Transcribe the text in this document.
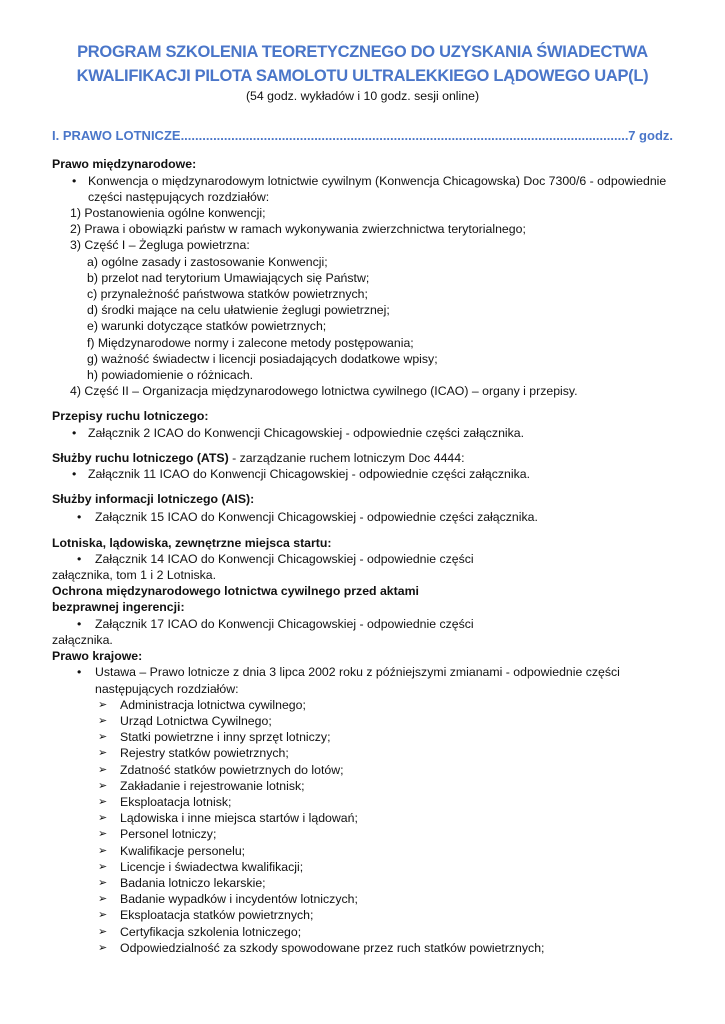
PROGRAM SZKOLENIA TEORETYCZNEGO DO UZYSKANIA ŚWIADECTWA
KWALIFIKACJI PILOTA SAMOLOTU ULTRALEKKIEGO LĄDOWEGO UAP(L)
(54 godz. wykładów i 10 godz. sesji online)
I. PRAWO LOTNICZE .....	7 godz.
Prawo międzynarodowe:
• Konwencja o międzynarodowym lotnictwie cywilnym (Konwencja Chicagowska) Doc 7300/6 - odpowiednie części następujących rozdziałów:
1) Postanowienia ogólne konwencji;
2) Prawa i obowiązki państw w ramach wykonywania zwierzchnictwa terytorialnego;
3) Część I – Żegluga powietrzna:
a) ogólne zasady i zastosowanie Konwencji;
b) przelot nad terytorium Umawiających się Państw;
c) przynależność państwowa statków powietrznych;
d) środki mające na celu ułatwienie żeglugi powietrznej;
e) warunki dotyczące statków powietrznych;
f) Międzynarodowe normy i zalecone metody postępowania;
g) ważność świadectw i licencji posiadających dodatkowe wpisy;
h) powiadomienie o różnicach.
4) Część II – Organizacja międzynarodowego lotnictwa cywilnego (ICAO) – organy i przepisy.
Przepisy ruchu lotniczego:
• Załącznik 2 ICAO do Konwencji Chicagowskiej - odpowiednie części załącznika.
Służby ruchu lotniczego (ATS) - zarządzanie ruchem lotniczym Doc 4444:
• Załącznik 11 ICAO do Konwencji Chicagowskiej - odpowiednie części załącznika.
Służby informacji lotniczego (AIS):
• Załącznik 15 ICAO do Konwencji Chicagowskiej - odpowiednie części załącznika.
Lotniska, lądowiska, zewnętrzne miejsca startu:
• Załącznik 14 ICAO do Konwencji Chicagowskiej - odpowiednie części
załącznika, tom 1 i 2 Lotniska.
Ochrona międzynarodowego lotnictwa cywilnego przed aktami
bezprawnej ingerencji:
• Załącznik 17 ICAO do Konwencji Chicagowskiej - odpowiednie części
załącznika.
Prawo krajowe:
• Ustawa – Prawo lotnicze z dnia 3 lipca 2002 roku z późniejszymi zmianami - odpowiednie części następujących rozdziałów:
➢ Administracja lotnictwa cywilnego;
➢ Urząd Lotnictwa Cywilnego;
➢ Statki powietrzne i inny sprzęt lotniczy;
➢ Rejestry statków powietrznych;
➢ Zdatność statków powietrznych do lotów;
➢ Zakładanie i rejestrowanie lotnisk;
➢ Eksploatacja lotnisk;
➢ Lądowiska i inne miejsca startów i lądowań;
➢ Personel lotniczy;
➢ Kwalifikacje personelu;
➢ Licencje i świadectwa kwalifikacji;
➢ Badania lotniczo lekarskie;
➢ Badanie wypadków i incydentów lotniczych;
➢ Eksploatacja statków powietrznych;
➢ Certyfikacja szkolenia lotniczego;
➢ Odpowiedzialność za szkody spowodowane przez ruch statków powietrznych;
